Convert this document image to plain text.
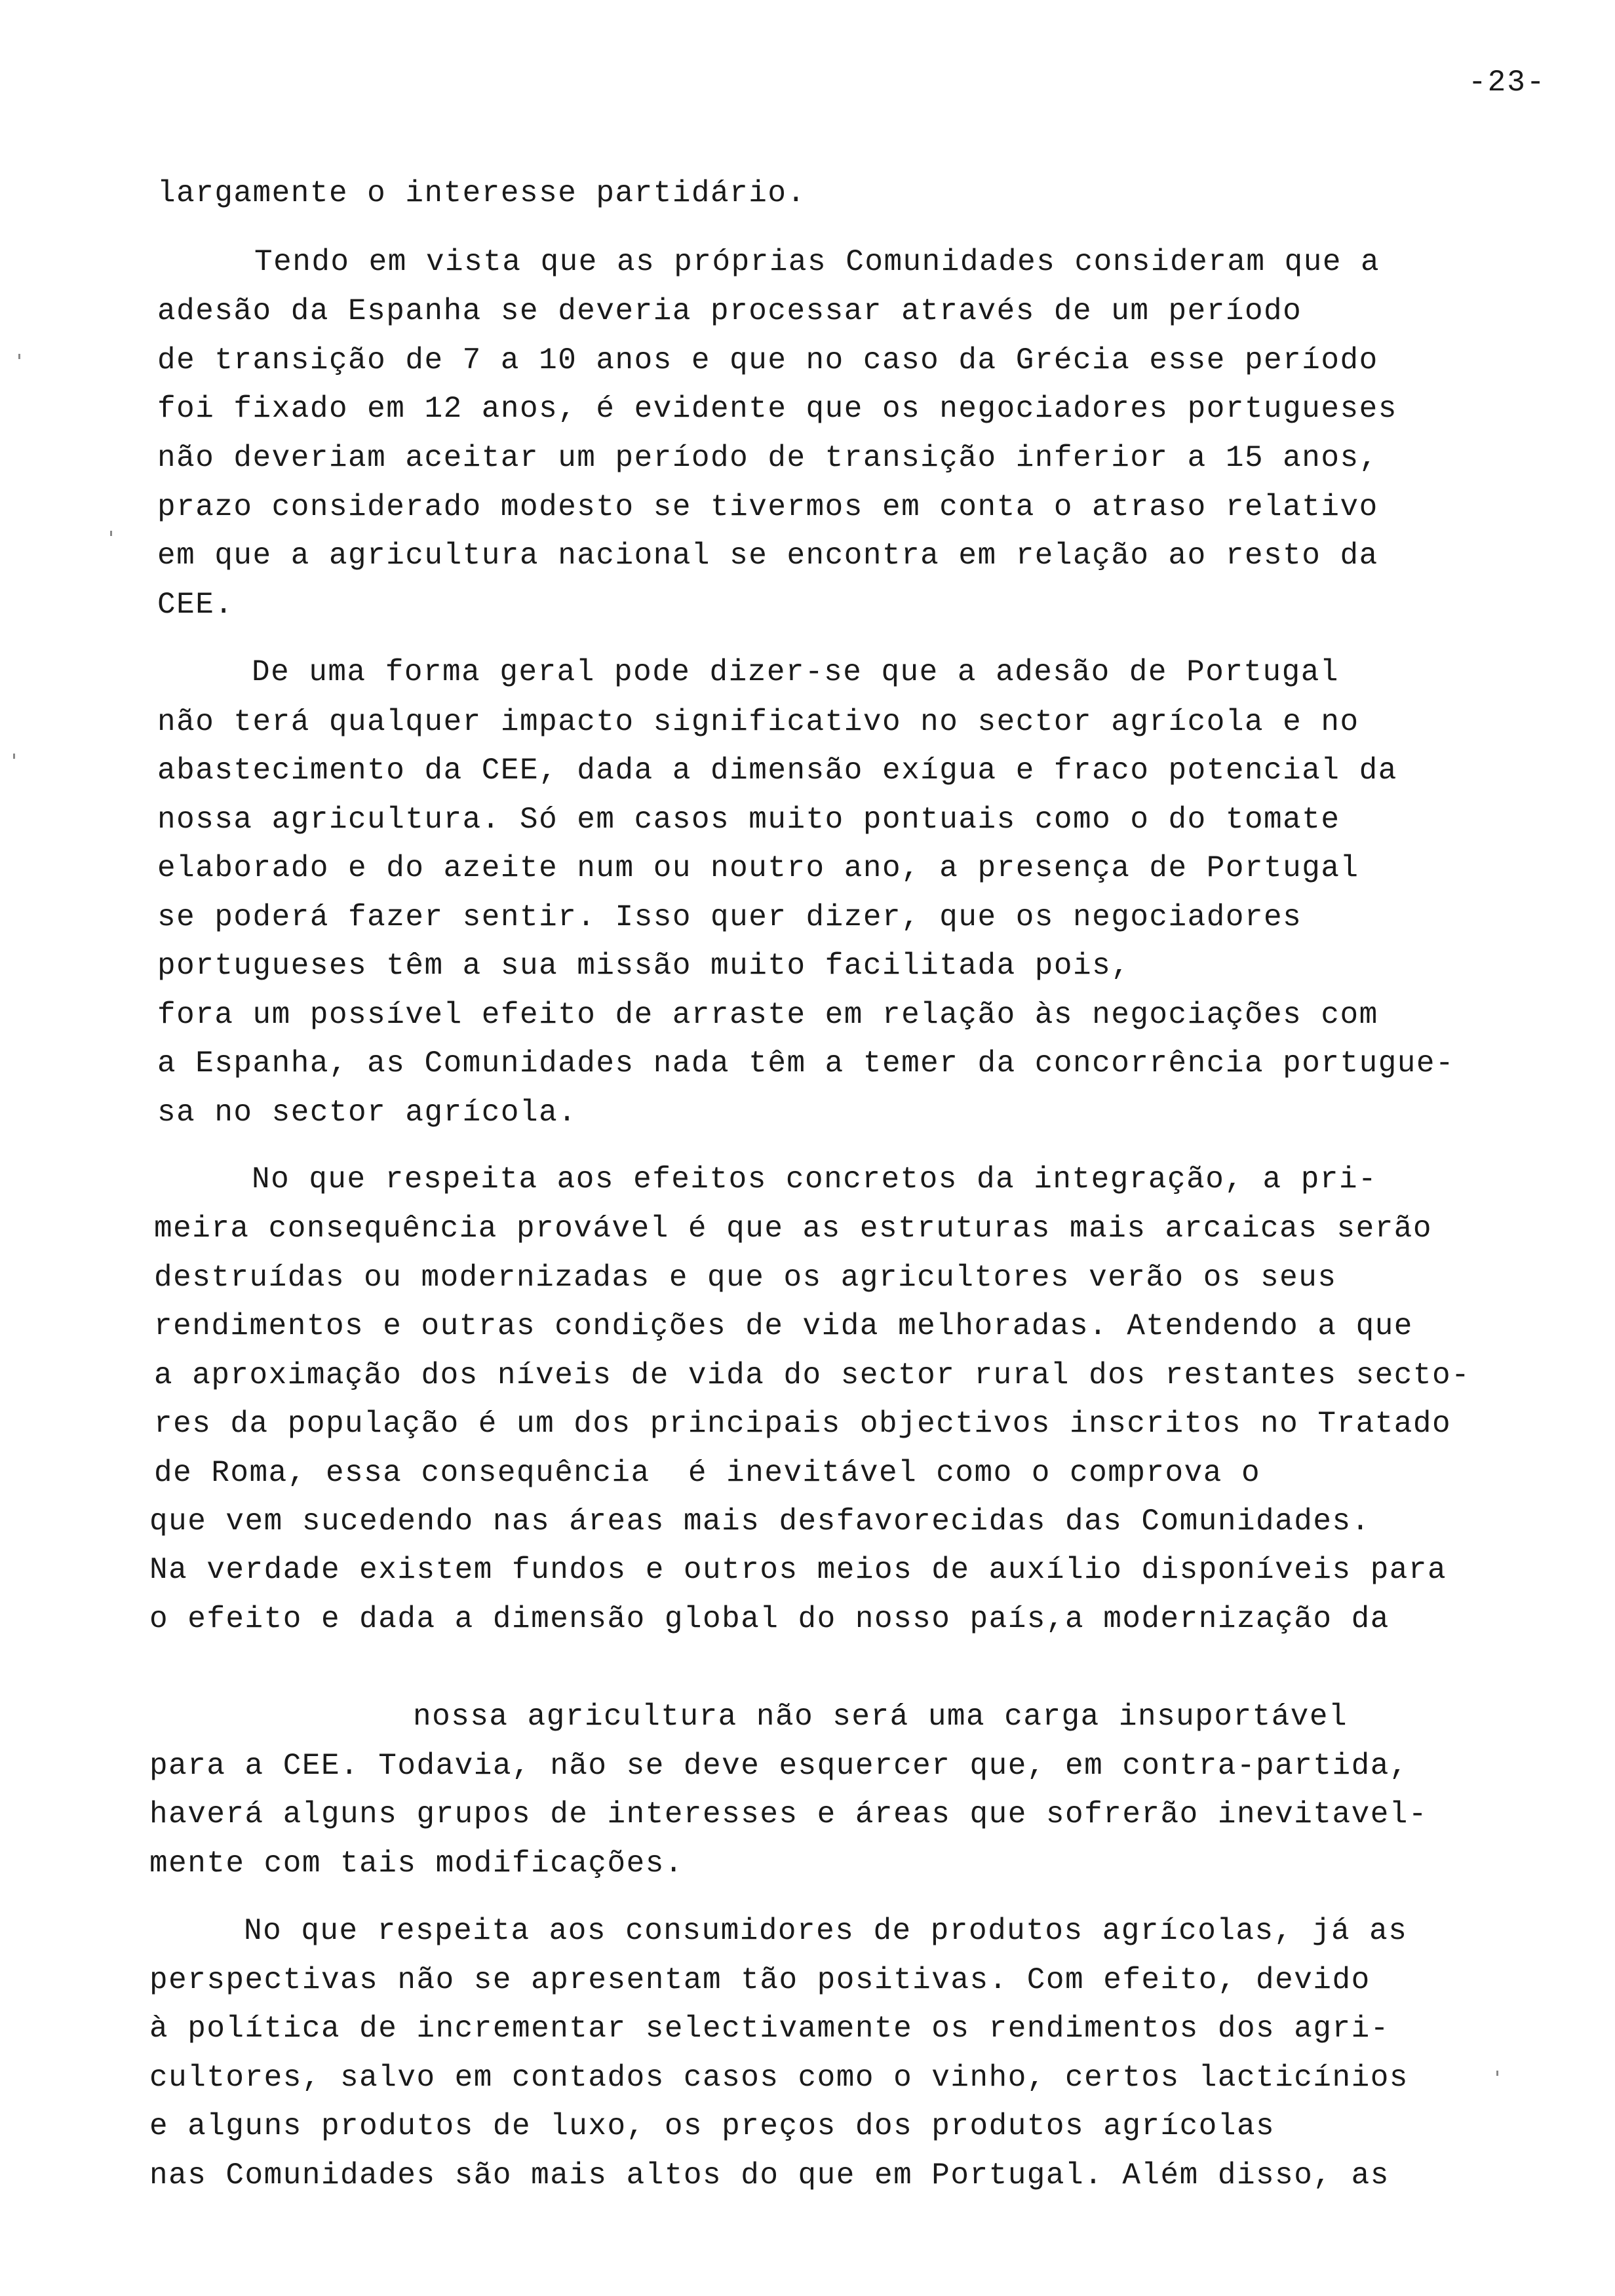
-23-
largamente o interesse partidário.
Tendo em vista que as próprias Comunidades consideram que a
adesão da Espanha se deveria processar através de um período
de transição de 7 a 10 anos e que no caso da Grécia esse período
foi fixado em 12 anos, é evidente que os negociadores portugueses
não deveriam aceitar um período de transição inferior a 15 anos,
prazo considerado modesto se tivermos em conta o atraso relativo
em que a agricultura nacional se encontra em relação ao resto da
CEE.
De uma forma geral pode dizer-se que a adesão de Portugal
não terá qualquer impacto significativo no sector agrícola e no
abastecimento da CEE, dada a dimensão exígua e fraco potencial da
nossa agricultura. Só em casos muito pontuais como o do tomate
elaborado e do azeite num ou noutro ano, a presença de Portugal
se poderá fazer sentir. Isso quer dizer, que os negociadores
portugueses têm a sua missão muito facilitada pois,
fora um possível efeito de arraste em relação às negociações com
a Espanha, as Comunidades nada têm a temer da concorrência portugue-
sa no sector agrícola.
No que respeita aos efeitos concretos da integração, a pri-
meira consequência provável é que as estruturas mais arcaicas serão
destruídas ou modernizadas e que os agricultores verão os seus
rendimentos e outras condições de vida melhoradas. Atendendo a que
a aproximação dos níveis de vida do sector rural dos restantes secto-
res da população é um dos principais objectivos inscritos no Tratado
de Roma, essa consequência  é inevitável como o comprova o
que vem sucedendo nas áreas mais desfavorecidas das Comunidades.
Na verdade existem fundos e outros meios de auxílio disponíveis para
o efeito e dada a dimensão global do nosso país,a modernização da
nossa agricultura não será uma carga insuportável
para a CEE. Todavia, não se deve esquercer que, em contra-partida,
haverá alguns grupos de interesses e áreas que sofrerão inevitavel-
mente com tais modificações.
No que respeita aos consumidores de produtos agrícolas, já as
perspectivas não se apresentam tão positivas. Com efeito, devido
à política de incrementar selectivamente os rendimentos dos agri-
cultores, salvo em contados casos como o vinho, certos lacticínios
e alguns produtos de luxo, os preços dos produtos agrícolas
nas Comunidades são mais altos do que em Portugal. Além disso, as
